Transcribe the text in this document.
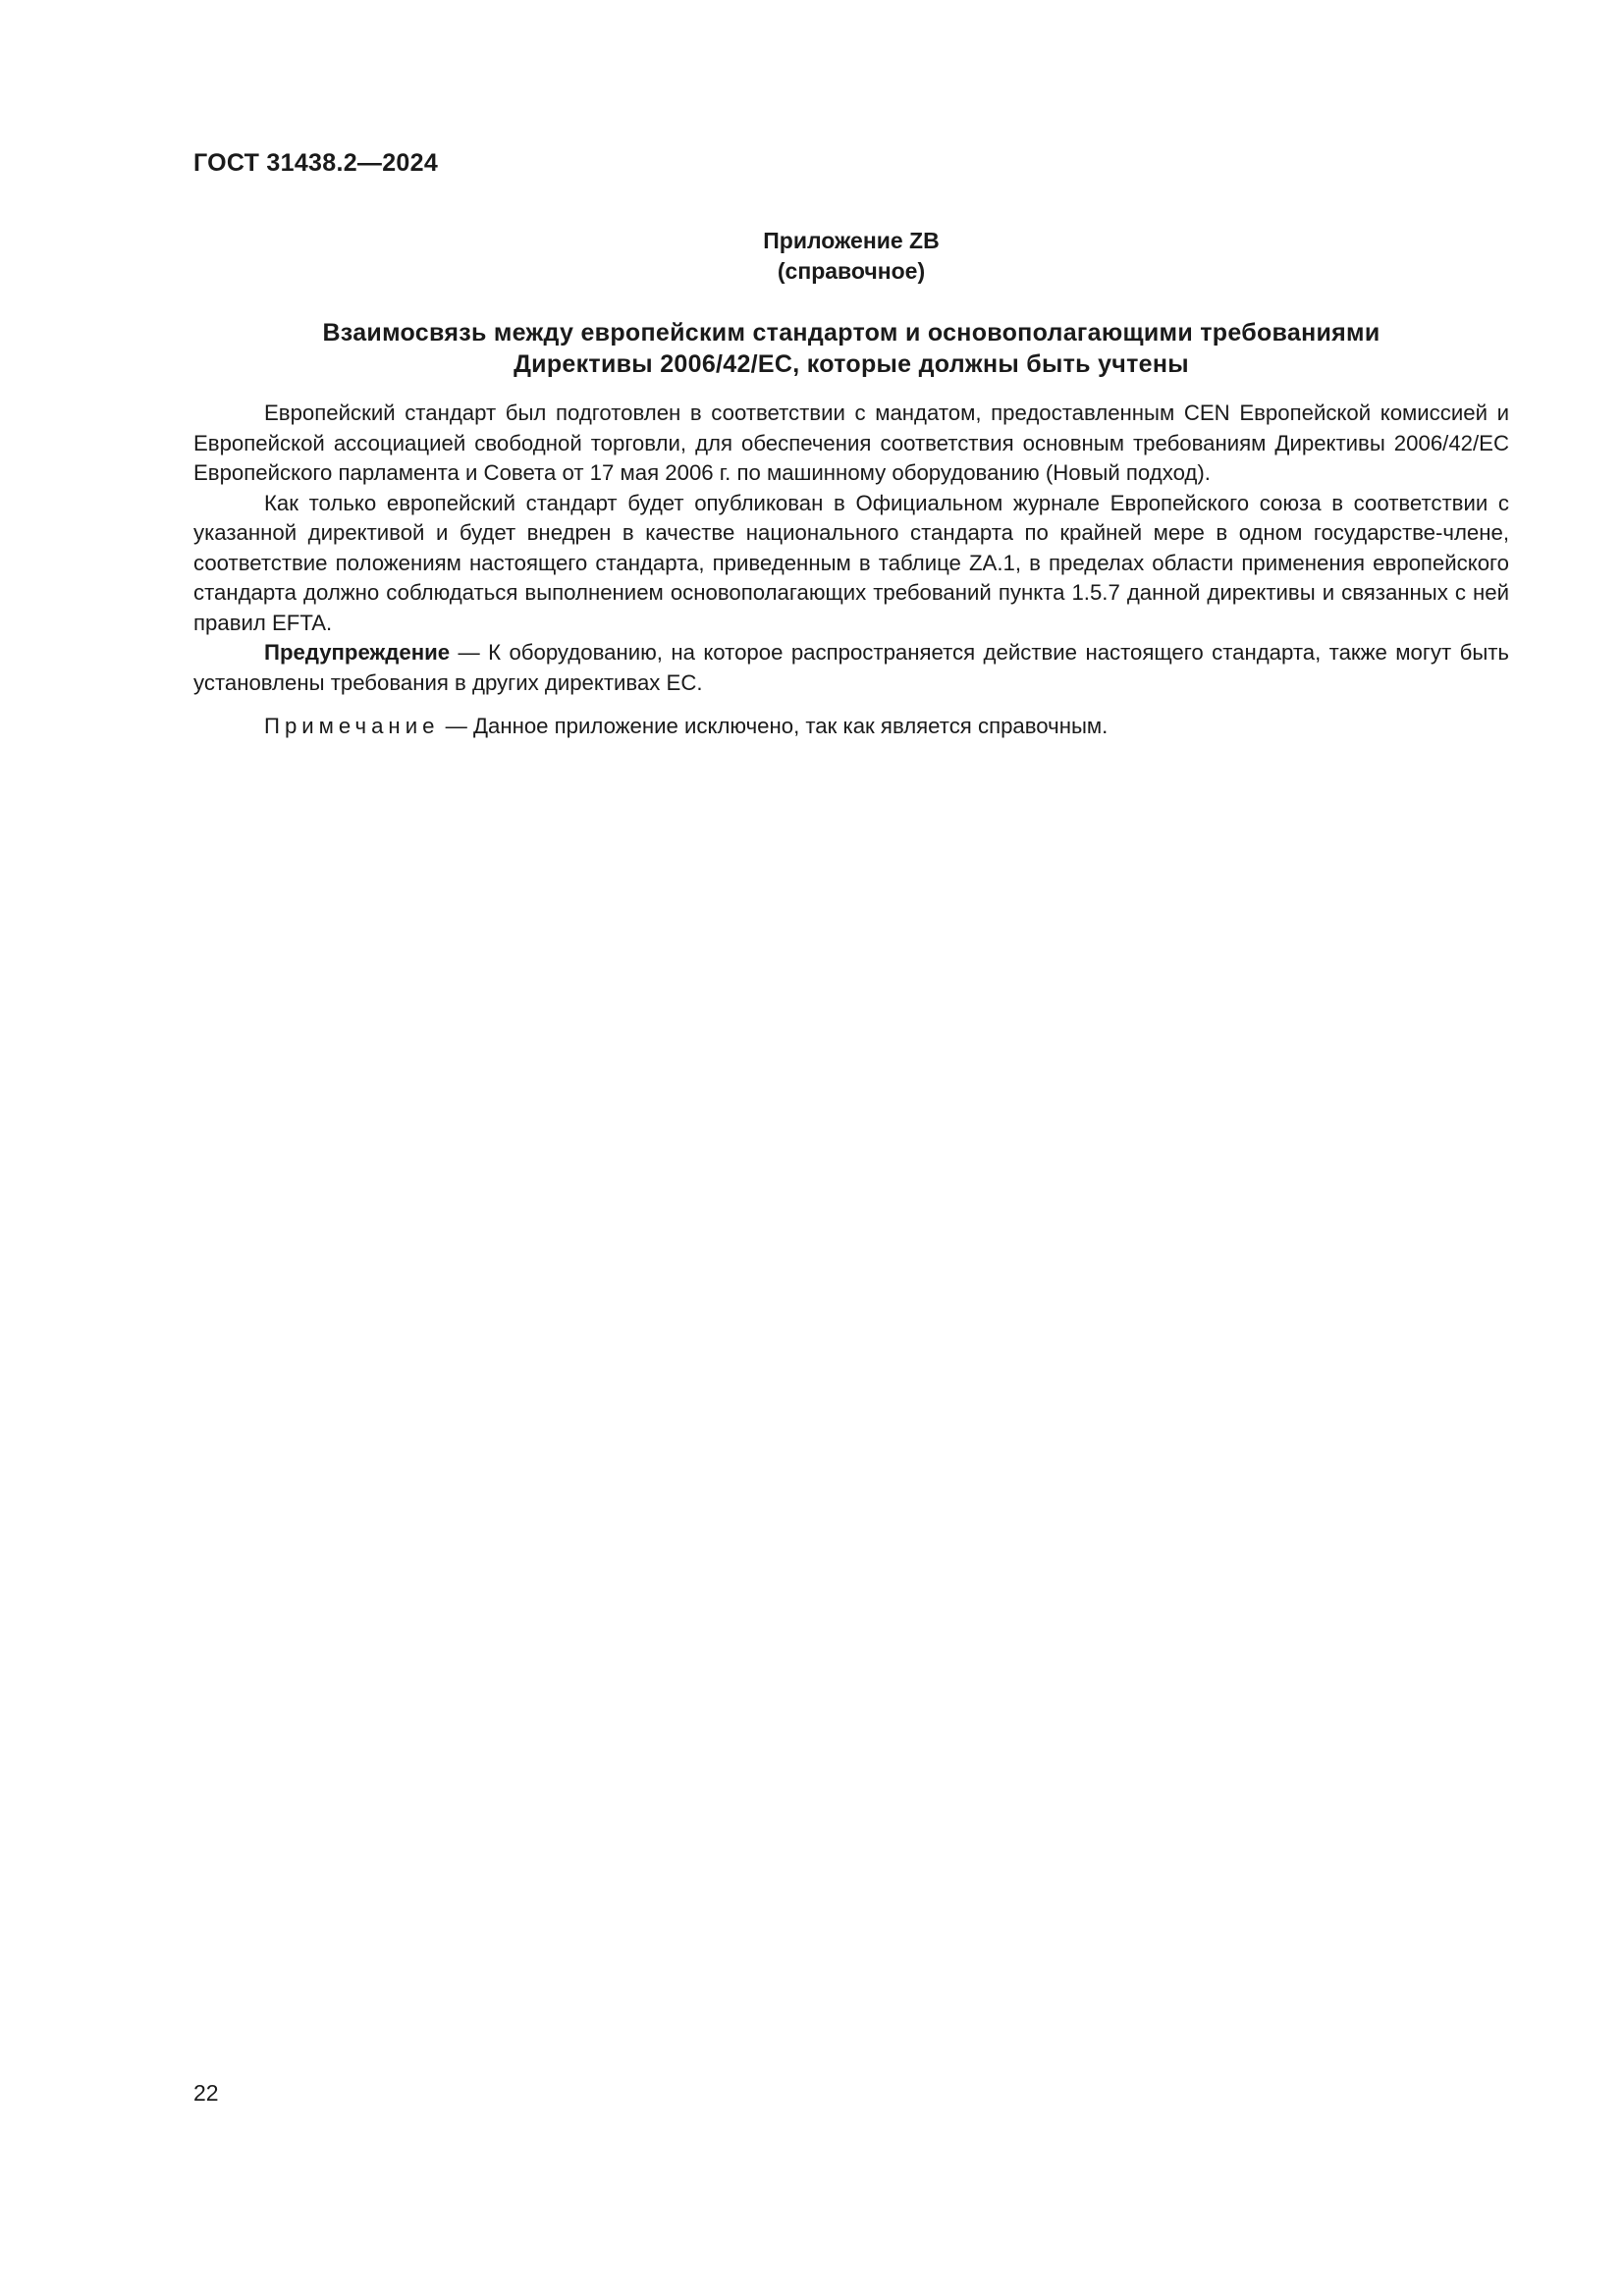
ГОСТ 31438.2—2024
Приложение ZB
(справочное)
Взаимосвязь между европейским стандартом и основополагающими требованиями
Директивы 2006/42/ЕС, которые должны быть учтены

Европейский стандарт был подготовлен в соответствии с мандатом, предоставленным CEN Европейской комиссией и Европейской ассоциацией свободной торговли, для обеспечения соответствия основным требованиям Директивы 2006/42/ЕС Европейского парламента и Совета от 17 мая 2006 г. по машинному оборудованию (Новый подход).

Как только европейский стандарт будет опубликован в Официальном журнале Европейского союза в соответствии с указанной директивой и будет внедрен в качестве национального стандарта по крайней мере в одном государстве-члене, соответствие положениям настоящего стандарта, приведенным в таблице ZA.1, в пределах области применения европейского стандарта должно соблюдаться выполнением основополагающих требований пункта 1.5.7 данной директивы и связанных с ней правил EFTA.

Предупреждение — К оборудованию, на которое распространяется действие настоящего стандарта, также могут быть установлены требования в других директивах ЕС.

Примечание — Данное приложение исключено, так как является справочным.

22
